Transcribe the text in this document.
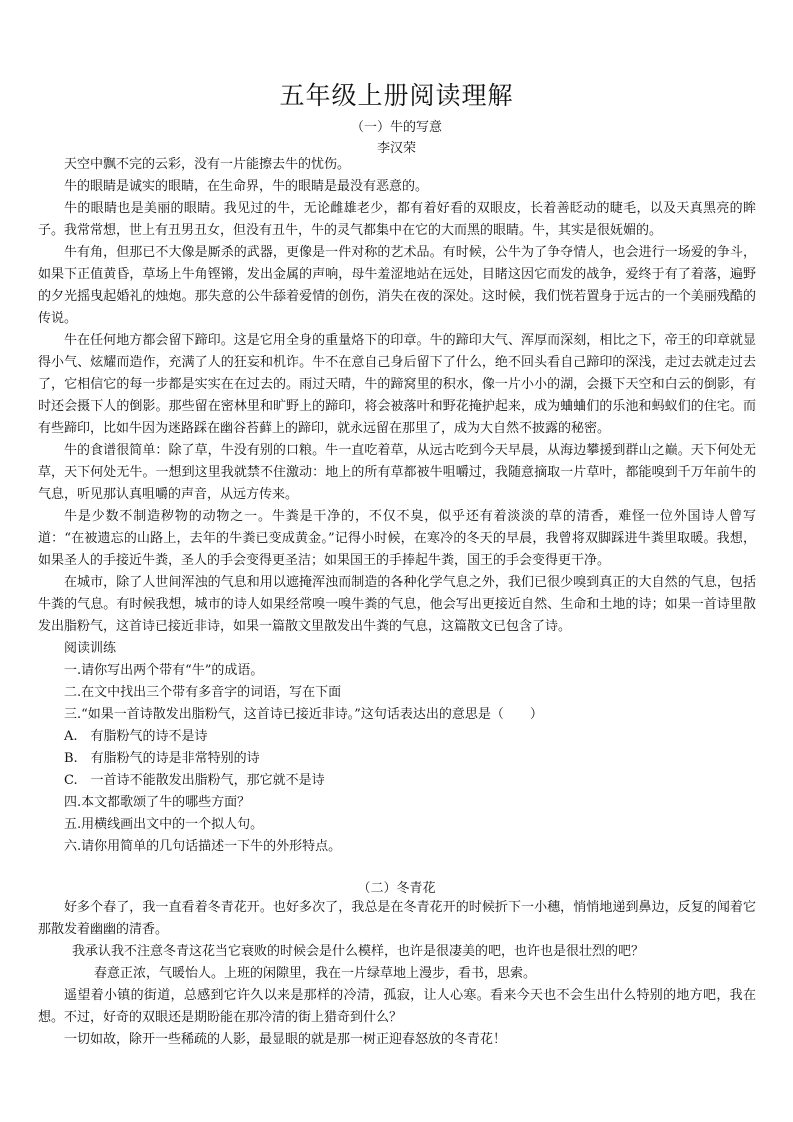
五年级上册阅读理解
（一）牛的写意
李汉荣

天空中飘不完的云彩，没有一片能擦去牛的忧伤。

牛的眼睛是诚实的眼睛，在生命界，牛的眼睛是最没有恶意的。

牛的眼睛也是美丽的眼睛。我见过的牛，无论雌雄老少，都有着好看的双眼皮，长着善眨动的睫毛，以及天真黑亮的眸子。我常常想，世上有丑男丑女，但没有丑牛，牛的灵气都集中在它的大而黑的眼睛。牛，其实是很妩媚的。

牛有角，但那已不大像是厮杀的武器，更像是一件对称的艺术品。有时候，公牛为了争夺情人，也会进行一场爱的争斗，如果下正值黄昏，草场上牛角铿锵，发出金属的声响，母牛羞涩地站在远处，目睹这因它而发的战争，爱终于有了着落，遍野的夕光摇曳起婚礼的烛炮。那失意的公牛舔着爱情的创伤，消失在夜的深处。这时候，我们恍若置身于远古的一个美丽残酷的传说。

牛在任何地方都会留下蹄印。这是它用全身的重量烙下的印章。牛的蹄印大气、浑厚而深刻，相比之下，帝王的印章就显得小气、炫耀而造作，充满了人的狂妄和机诈。牛不在意自己身后留下了什么，绝不回头看自己蹄印的深浅，走过去就走过去了，它相信它的每一步都是实实在在过去的。雨过天晴，牛的蹄窝里的积水，像一片小小的湖，会摄下天空和白云的倒影，有时还会摄下人的倒影。那些留在密林里和旷野上的蹄印，将会被落叶和野花掩护起来，成为蛐蛐们的乐池和蚂蚁们的住宅。而有些蹄印，比如牛因为迷路踩在幽谷苔藓上的蹄印，就永远留在那里了，成为大自然不披露的秘密。

牛的食谱很简单：除了草，牛没有别的口粮。牛一直吃着草，从远古吃到今天早晨，从海边攀援到群山之巅。天下何处无草，天下何处无牛。一想到这里我就禁不住激动：地上的所有草都被牛咀嚼过，我随意摘取一片草叶，都能嗅到千万年前牛的气息，听见那认真咀嚼的声音，从远方传来。

牛是少数不制造秽物的动物之一。牛粪是干净的，不仅不臭，似乎还有着淡淡的草的清香，难怪一位外国诗人曾写道：“在被遗忘的山路上，去年的牛粪已变成黄金。”记得小时候，在寒冷的冬天的早晨，我曾将双脚踩进牛粪里取暖。我想，如果圣人的手接近牛粪，圣人的手会变得更圣洁；如果国王的手捧起牛粪，国王的手会变得更干净。

在城市，除了人世间浑浊的气息和用以遮掩浑浊而制造的各种化学气息之外，我们已很少嗅到真正的大自然的气息，包括牛粪的气息。有时候我想，城市的诗人如果经常嗅一嗅牛粪的气息，他会写出更接近自然、生命和土地的诗；如果一首诗里散发出脂粉气，这首诗已接近非诗，如果一篇散文里散发出牛粪的气息，这篇散文已包含了诗。

阅读训练

一.请你写出两个带有“牛”的成语。

二.在文中找出三个带有多音字的词语，写在下面

三.“如果一首诗散发出脂粉气，这首诗已接近非诗。”这句话表达出的意思是（　　）

A.　有脂粉气的诗不是诗

B.　有脂粉气的诗是非常特别的诗

C.　一首诗不能散发出脂粉气，那它就不是诗

四.本文都歌颂了牛的哪些方面？

五.用横线画出文中的一个拟人句。

六.请你用简单的几句话描述一下牛的外形特点。

（二）冬青花

好多个春了，我一直看着冬青花开。也好多次了，我总是在冬青花开的时候折下一小穗，悄悄地递到鼻边，反复的闻着它那散发着幽幽的清香。

我承认我不注意冬青这花当它衰败的时候会是什么模样，也许是很凄美的吧，也许也是很壮烈的吧？

春意正浓，气暖怡人。上班的闲隙里，我在一片绿草地上漫步，看书，思索。

遥望着小镇的街道，总感到它许久以来是那样的冷清，孤寂，让人心寒。看来今天也不会生出什么特别的地方吧，我在想。不过，好奇的双眼还是期盼能在那冷清的街上猎奇到什么？

一切如故，除开一些稀疏的人影，最显眼的就是那一树正迎春怒放的冬青花！
